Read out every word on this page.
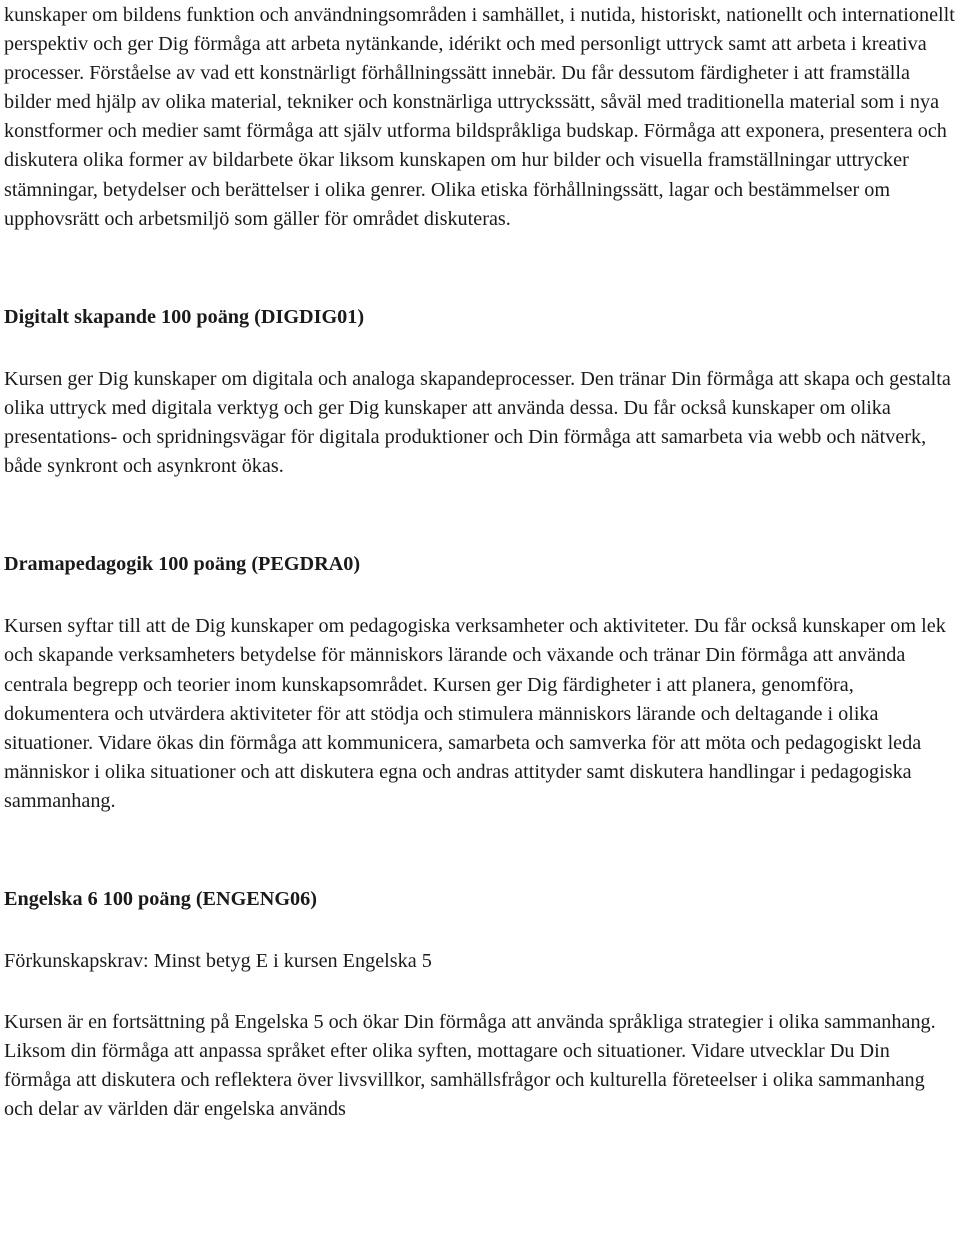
kunskaper om bildens funktion och användningsområden i samhället, i nutida, historiskt, nationellt och internationellt perspektiv och ger Dig förmåga att arbeta nytänkande, idérikt och med personligt uttryck samt att arbeta i kreativa processer. Förståelse av vad ett konstnärligt förhållningssätt innebär. Du får dessutom färdigheter i att framställa bilder med hjälp av olika material, tekniker och konstnärliga uttryckssätt, såväl med traditionella material som i nya konstformer och medier samt förmåga att själv utforma bildspråkliga budskap. Förmåga att exponera, presentera och diskutera olika former av bildarbete ökar liksom kunskapen om hur bilder och visuella framställningar uttrycker stämningar, betydelser och berättelser i olika genrer. Olika etiska förhållningssätt, lagar och bestämmelser om upphovsrätt och arbetsmiljö som gäller för området diskuteras.

Digitalt skapande 100 poäng (DIGDIG01)

Kursen ger Dig kunskaper om digitala och analoga skapandeprocesser. Den tränar Din förmåga att skapa och gestalta olika uttryck med digitala verktyg och ger Dig kunskaper att använda dessa. Du får också kunskaper om olika presentations- och spridningsvägar för digitala produktioner och Din förmåga att samarbeta via webb och nätverk, både synkront och asynkront ökas.

Dramapedagogik 100 poäng (PEGDRA0)

Kursen syftar till att de Dig kunskaper om pedagogiska verksamheter och aktiviteter. Du får också kunskaper om lek och skapande verksamheters betydelse för människors lärande och växande och tränar Din förmåga att använda centrala begrepp och teorier inom kunskapsområdet. Kursen ger Dig färdigheter i att planera, genomföra, dokumentera och utvärdera aktiviteter för att stödja och stimulera människors lärande och deltagande i olika situationer. Vidare ökas din förmåga att kommunicera, samarbeta och samverka för att möta och pedagogiskt leda människor i olika situationer och att diskutera egna och andras attityder samt diskutera handlingar i pedagogiska sammanhang.

Engelska 6 100 poäng (ENGENG06)

Förkunskapskrav: Minst betyg E i kursen Engelska 5

Kursen är en fortsättning på Engelska 5 och ökar Din förmåga att använda språkliga strategier i olika sammanhang. Liksom din förmåga att anpassa språket efter olika syften, mottagare och situationer. Vidare utvecklar Du Din förmåga att diskutera och reflektera över livsvillkor, samhällsfrågor och kulturella företeelser i olika sammanhang och delar av världen där engelska används
